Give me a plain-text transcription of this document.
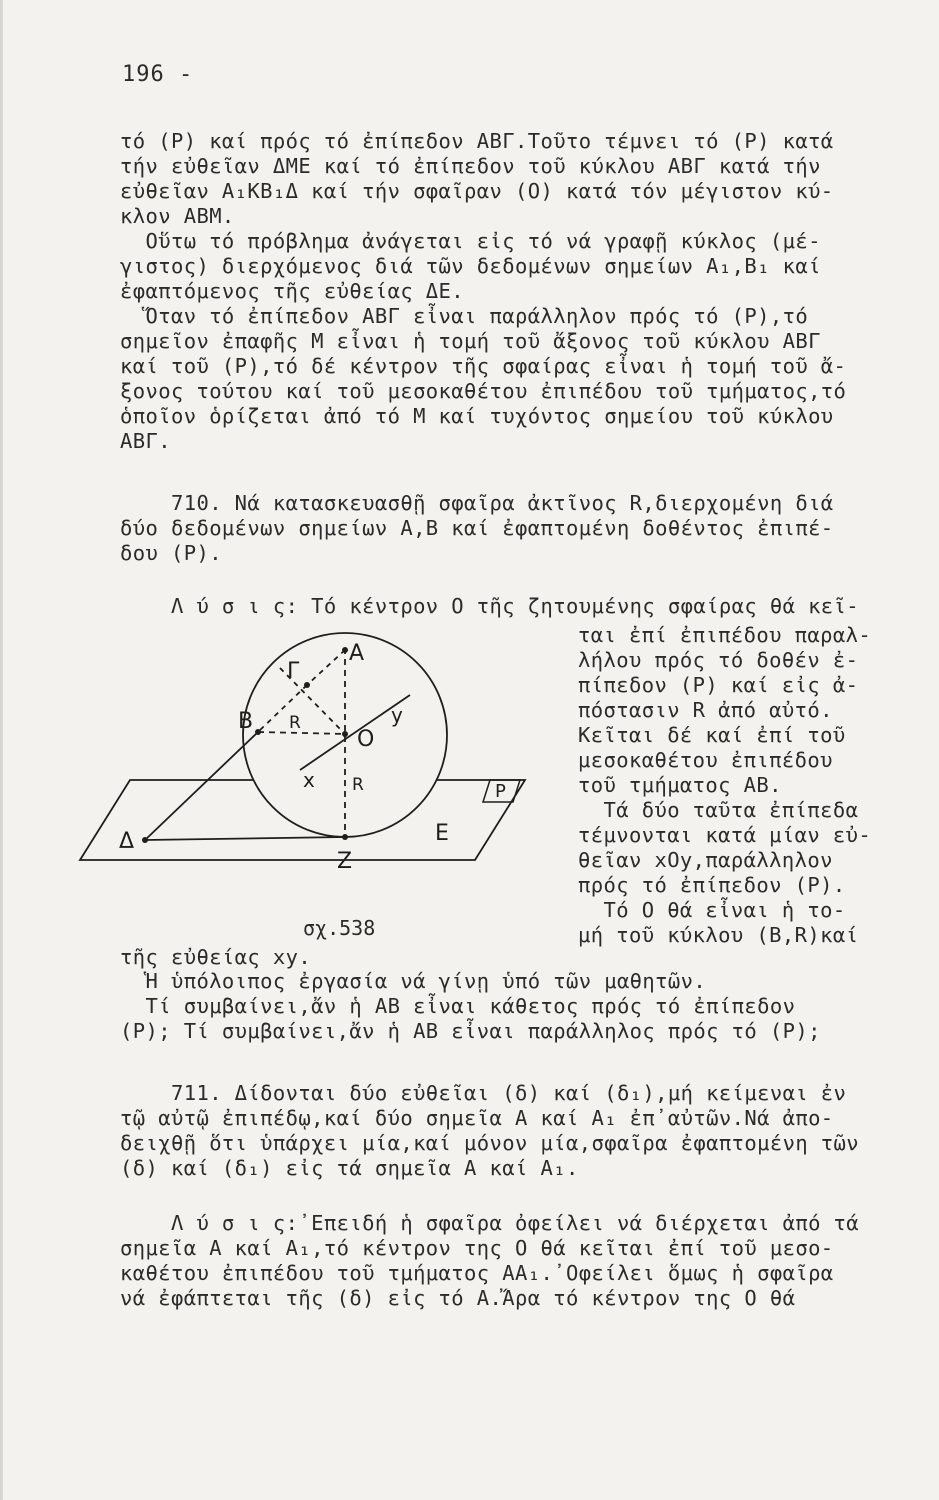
196 -
τό (Ρ) καί πρός τό ἐπίπεδον ΑΒΓ.Τοῦτο τέμνει τό (Ρ) κατά
τήν εὐθεῖαν ΔΜΕ καί τό ἐπίπεδον τοῦ κύκλου ΑΒΓ κατά τήν
εὐθεῖαν Α₁ΚΒ₁Δ καί τήν σφαῖραν (Ο) κατά τόν μέγιστον κύ-
κλον ΑΒΜ.
Οὕτω τό πρόβλημα ἀνάγεται εἰς τό νά γραφῇ κύκλος (μέ-
γιστος) διερχόμενος διά τῶν δεδομένων σημείων Α₁,Β₁ καί
ἐφαπτόμενος τῆς εὐθείας ΔΕ.
Ὅταν τό ἐπίπεδον ΑΒΓ εἶναι παράλληλον πρός τό (Ρ),τό
σημεῖον ἐπαφῆς Μ εἶναι ἡ τομή τοῦ ἄξονος τοῦ κύκλου ΑΒΓ
καί τοῦ (Ρ),τό δέ κέντρον τῆς σφαίρας εἶναι ἡ τομή τοῦ ἄ-
ξονος τούτου καί τοῦ μεσοκαθέτου ἐπιπέδου τοῦ τμήματος,τό
ὁποῖον ὁρίζεται ἀπό τό Μ καί τυχόντος σημείου τοῦ κύκλου
ΑΒΓ.
710. Νά κατασκευασθῇ σφαῖρα ἀκτῖνος R,διερχομένη διά
δύο δεδομένων σημείων Α,Β καί ἐφαπτομένη δοθέντος ἐπιπέ-
δου (Ρ).
Λ ύ σ ι ς: Τό κέντρον Ο τῆς ζητουμένης σφαίρας θά κεῖ-
ται ἐπί ἐπιπέδου παραλ-
λήλου πρός τό δοθέν ἐ-
πίπεδον (Ρ) καί εἰς ἀ-
πόστασιν R ἀπό αὐτό.
Κεῖται δέ καί ἐπί τοῦ
μεσοκαθέτου ἐπιπέδου
τοῦ τμήματος ΑΒ.
Τά δύο ταῦτα ἐπίπεδα
τέμνονται κατά μίαν εὐ-
θεῖαν xOy,παράλληλον
πρός τό ἐπίπεδον (Ρ).
Τό Ο θά εἶναι ἡ το-
μή τοῦ κύκλου (Β,R)καί
τῆς εὐθείας xy.
Ἡ ὑπόλοιπος ἐργασία νά γίνῃ ὑπό τῶν μαθητῶν.
Τί συμβαίνει,ἄν ἡ ΑΒ εἶναι κάθετος πρός τό ἐπίπεδον
(Ρ); Τί συμβαίνει,ἄν ἡ ΑΒ εἶναι παράλληλος πρός τό (Ρ);
711. Δίδονται δύο εὐθεῖαι (δ) καί (δ₁),μή κείμεναι ἐν
τῷ αὐτῷ ἐπιπέδῳ,καί δύο σημεῖα Α καί Α₁ ἐπ᾽αὐτῶν.Νά ἀπο-
δειχθῇ ὅτι ὑπάρχει μία,καί μόνον μία,σφαῖρα ἐφαπτομένη τῶν
(δ) καί (δ₁) εἰς τά σημεῖα Α καί Α₁.
Λ ύ σ ι ς:᾽Επειδή ἡ σφαῖρα ὀφείλει νά διέρχεται ἀπό τά
σημεῖα Α καί Α₁,τό κέντρον της Ο θά κεῖται ἐπί τοῦ μεσο-
καθέτου ἐπιπέδου τοῦ τμήματος ΑΑ₁.᾽Οφείλει ὅμως ἡ σφαῖρα
νά ἐφάπτεται τῆς (δ) εἰς τό Α.Ἄρα τό κέντρον της Ο θά
A
Γ
B R
O
y
x R	P
Δ	E
Z
σχ.538
